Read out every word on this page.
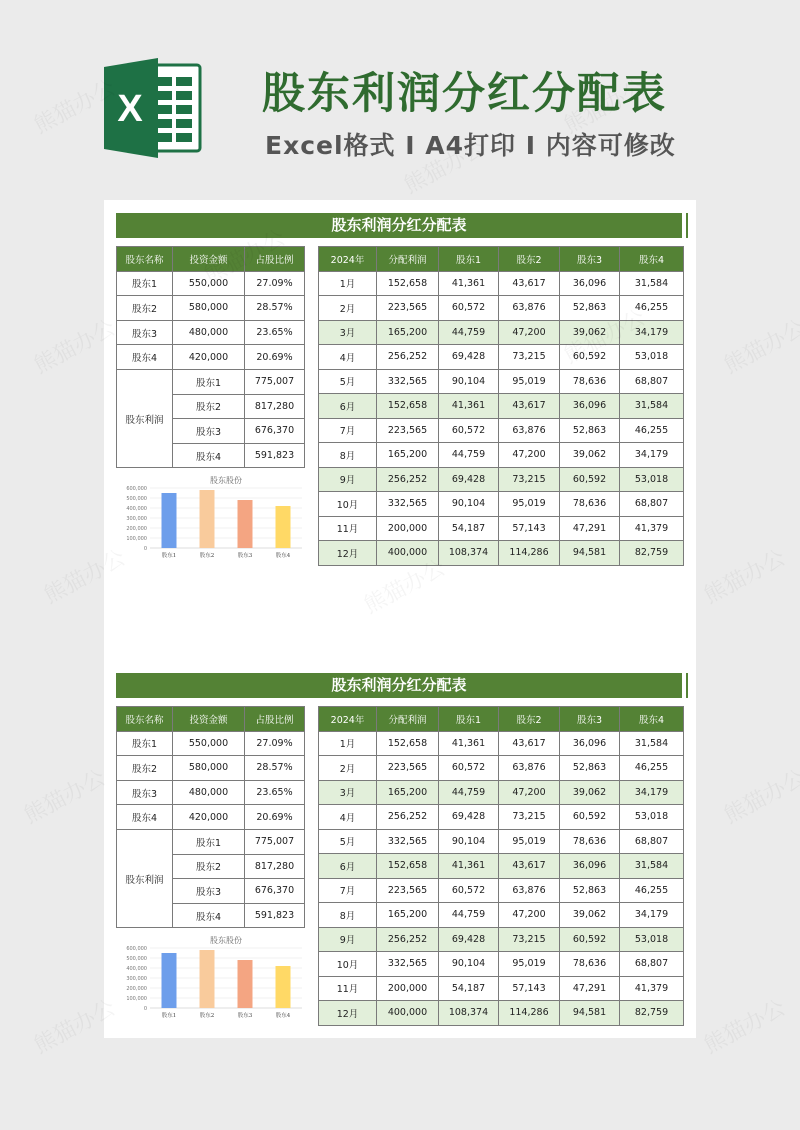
X	股东利润分红分配表
Excel格式 I A4打印 I 内容可修改
股东利润分红分配表
股东名称	投资金额	占股比例
股东1	550,000	27.09%
股东2	580,000	28.57%
股东3	480,000	23.65%
股东4	420,000	20.69%
股东利润	股东1	775,007
	股东2	817,280
	股东3	676,370
	股东4	591,823
股东股份
0
100,000
200,000
300,000
400,000
500,000
600,000
股东1	股东2	股东3	股东4
2024年	分配利润	股东1	股东2	股东3	股东4
1月	152,658	41,361	43,617	36,096	31,584
2月	223,565	60,572	63,876	52,863	46,255
3月	165,200	44,759	47,200	39,062	34,179
4月	256,252	69,428	73,215	60,592	53,018
5月	332,565	90,104	95,019	78,636	68,807
6月	152,658	41,361	43,617	36,096	31,584
7月	223,565	60,572	63,876	52,863	46,255
8月	165,200	44,759	47,200	39,062	34,179
9月	256,252	69,428	73,215	60,592	53,018
10月	332,565	90,104	95,019	78,636	68,807
11月	200,000	54,187	57,143	47,291	41,379
12月	400,000	108,374	114,286	94,581	82,759
股东利润分红分配表
股东名称	投资金额	占股比例
股东1	550,000	27.09%
股东2	580,000	28.57%
股东3	480,000	23.65%
股东4	420,000	20.69%
股东利润	股东1	775,007
	股东2	817,280
	股东3	676,370
	股东4	591,823
股东股份
0
100,000
200,000
300,000
400,000
500,000
600,000
股东1	股东2	股东3	股东4
2024年	分配利润	股东1	股东2	股东3	股东4
1月	152,658	41,361	43,617	36,096	31,584
2月	223,565	60,572	63,876	52,863	46,255
3月	165,200	44,759	47,200	39,062	34,179
4月	256,252	69,428	73,215	60,592	53,018
5月	332,565	90,104	95,019	78,636	68,807
6月	152,658	41,361	43,617	36,096	31,584
7月	223,565	60,572	63,876	52,863	46,255
8月	165,200	44,759	47,200	39,062	34,179
9月	256,252	69,428	73,215	60,592	53,018
10月	332,565	90,104	95,019	78,636	68,807
11月	200,000	54,187	57,143	47,291	41,379
12月	400,000	108,374	114,286	94,581	82,759
